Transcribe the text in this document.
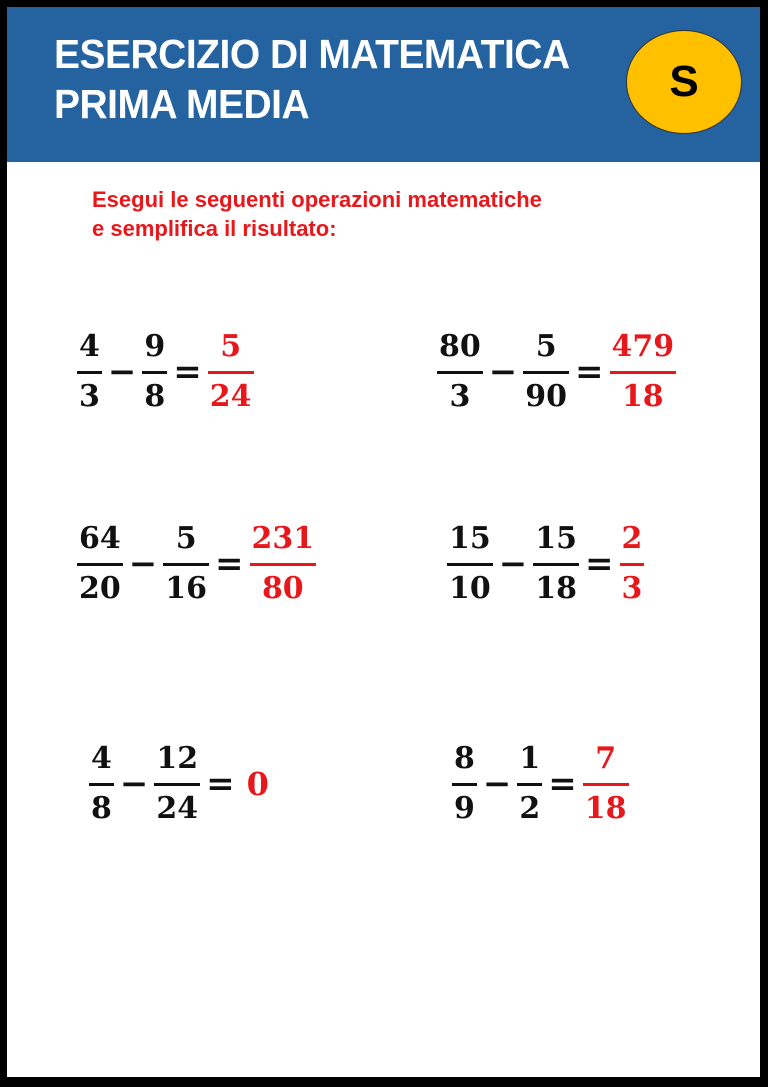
ESERCIZIO DI MATEMATICA
PRIMA MEDIA	S
Esegui le seguenti operazioni matematiche
e semplifica il risultato:
$\frac{4}{3} - \frac{9}{8} = \frac{5}{24}$	$\frac{80}{3} - \frac{5}{90} = \frac{479}{18}$
$\frac{64}{20} - \frac{5}{16} = \frac{231}{80}$	$\frac{15}{10} - \frac{15}{18} = \frac{2}{3}$
$\frac{4}{8} - \frac{12}{24} = 0$	$\frac{8}{9} - \frac{1}{2} = \frac{7}{18}$
